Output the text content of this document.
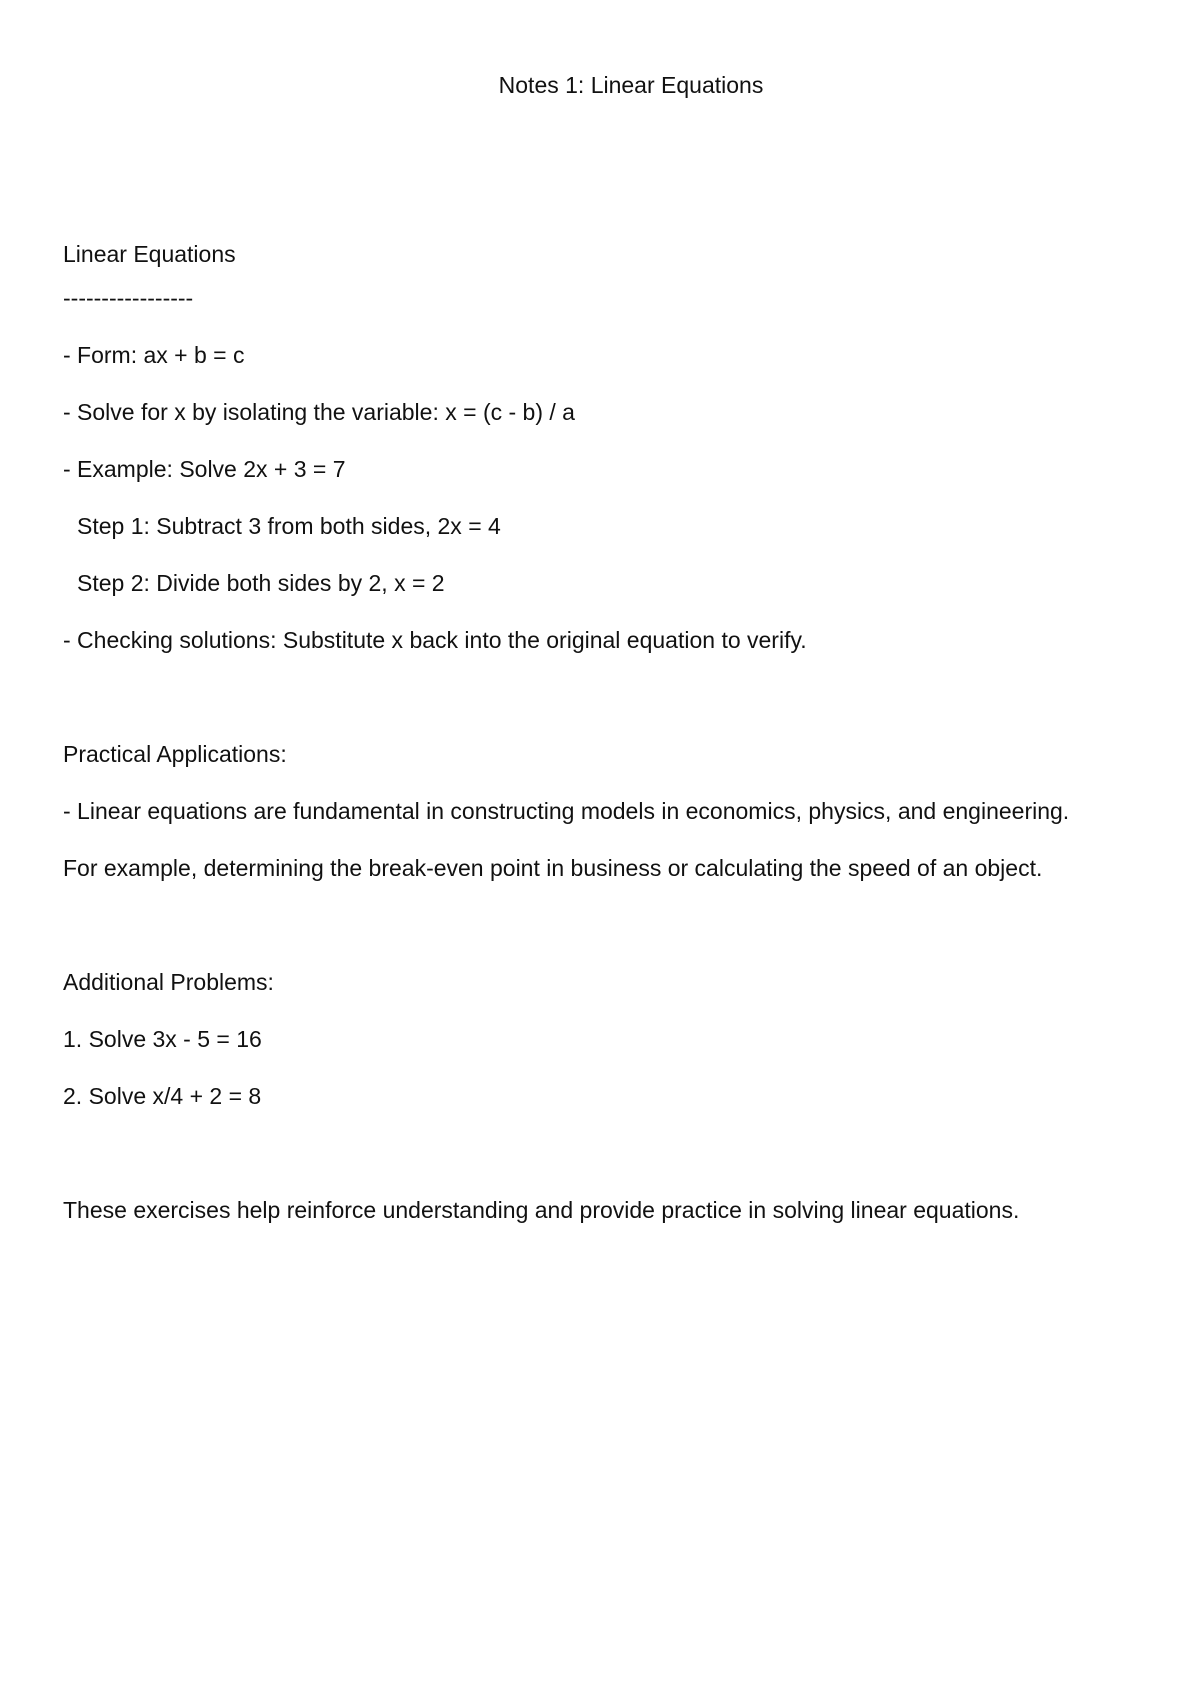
Notes 1: Linear Equations
Linear Equations
-----------------
- Form: ax + b = c
- Solve for x by isolating the variable: x = (c - b) / a
- Example: Solve 2x + 3 = 7
Step 1: Subtract 3 from both sides, 2x = 4
Step 2: Divide both sides by 2, x = 2
- Checking solutions: Substitute x back into the original equation to verify.
Practical Applications:
- Linear equations are fundamental in constructing models in economics, physics, and engineering.
For example, determining the break-even point in business or calculating the speed of an object.
Additional Problems:
1. Solve 3x - 5 = 16
2. Solve x/4 + 2 = 8
These exercises help reinforce understanding and provide practice in solving linear equations.
